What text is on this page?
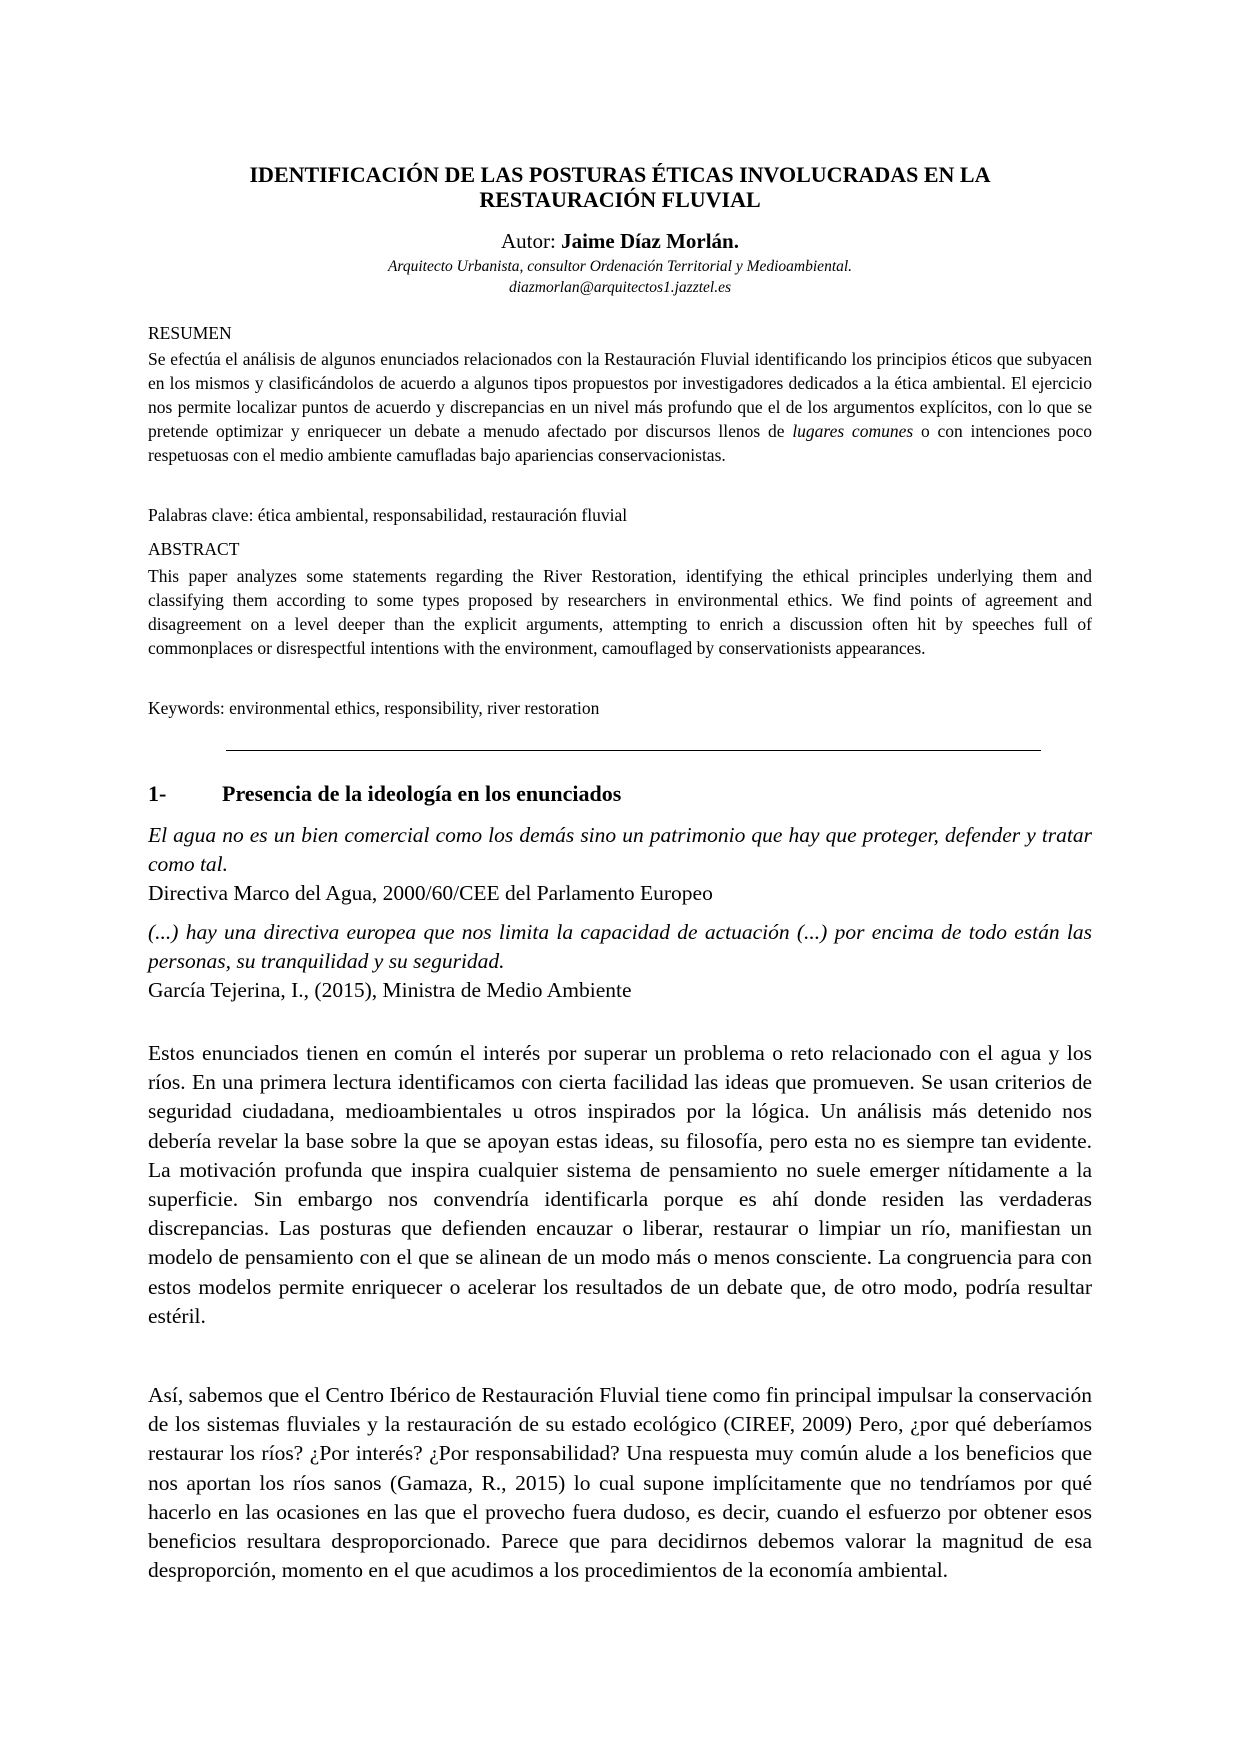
IDENTIFICACIÓN DE LAS POSTURAS ÉTICAS INVOLUCRADAS EN LA
RESTAURACIÓN FLUVIAL
Autor: Jaime Díaz Morlán.
Arquitecto Urbanista, consultor Ordenación Territorial y Medioambiental.
diazmorlan@arquitectos1.jazztel.es
RESUMEN
Se efectúa el análisis de algunos enunciados relacionados con la Restauración Fluvial identificando los principios éticos que subyacen en los mismos y clasificándolos de acuerdo a algunos tipos propuestos por investigadores dedicados a la ética ambiental. El ejercicio nos permite localizar puntos de acuerdo y discrepancias en un nivel más profundo que el de los argumentos explícitos, con lo que se pretende optimizar y enriquecer un debate a menudo afectado por discursos llenos de lugares comunes o con intenciones poco respetuosas con el medio ambiente camufladas bajo apariencias conservacionistas.
Palabras clave: ética ambiental, responsabilidad, restauración fluvial
ABSTRACT
This paper analyzes some statements regarding the River Restoration, identifying the ethical principles underlying them and classifying them according to some types proposed by researchers in environmental ethics. We find points of agreement and disagreement on a level deeper than the explicit arguments, attempting to enrich a discussion often hit by speeches full of commonplaces or disrespectful intentions with the environment, camouflaged by conservationists appearances.
Keywords: environmental ethics, responsibility, river restoration
1-	Presencia de la ideología en los enunciados
El agua no es un bien comercial como los demás sino un patrimonio que hay que proteger, defender y tratar como tal.
Directiva Marco del Agua, 2000/60/CEE del Parlamento Europeo
(...) hay una directiva europea que nos limita la capacidad de actuación (...) por encima de todo están las personas, su tranquilidad y su seguridad.
García Tejerina, I., (2015), Ministra de Medio Ambiente
Estos enunciados tienen en común el interés por superar un problema o reto relacionado con el agua y los ríos. En una primera lectura identificamos con cierta facilidad las ideas que promueven. Se usan criterios de seguridad ciudadana, medioambientales u otros inspirados por la lógica. Un análisis más detenido nos debería revelar la base sobre la que se apoyan estas ideas, su filosofía, pero esta no es siempre tan evidente. La motivación profunda que inspira cualquier sistema de pensamiento no suele emerger nítidamente a la superficie. Sin embargo nos convendría identificarla porque es ahí donde residen las verdaderas discrepancias. Las posturas que defienden encauzar o liberar, restaurar o limpiar un río, manifiestan un modelo de pensamiento con el que se alinean de un modo más o menos consciente. La congruencia para con estos modelos permite enriquecer o acelerar los resultados de un debate que, de otro modo, podría resultar estéril.
Así, sabemos que el Centro Ibérico de Restauración Fluvial tiene como fin principal impulsar la conservación de los sistemas fluviales y la restauración de su estado ecológico (CIREF, 2009) Pero, ¿por qué deberíamos restaurar los ríos? ¿Por interés? ¿Por responsabilidad? Una respuesta muy común alude a los beneficios que nos aportan los ríos sanos (Gamaza, R., 2015) lo cual supone implícitamente que no tendríamos por qué hacerlo en las ocasiones en las que el provecho fuera dudoso, es decir, cuando el esfuerzo por obtener esos beneficios resultara desproporcionado. Parece que para decidirnos debemos valorar la magnitud de esa desproporción, momento en el que acudimos a los procedimientos de la economía ambiental.
